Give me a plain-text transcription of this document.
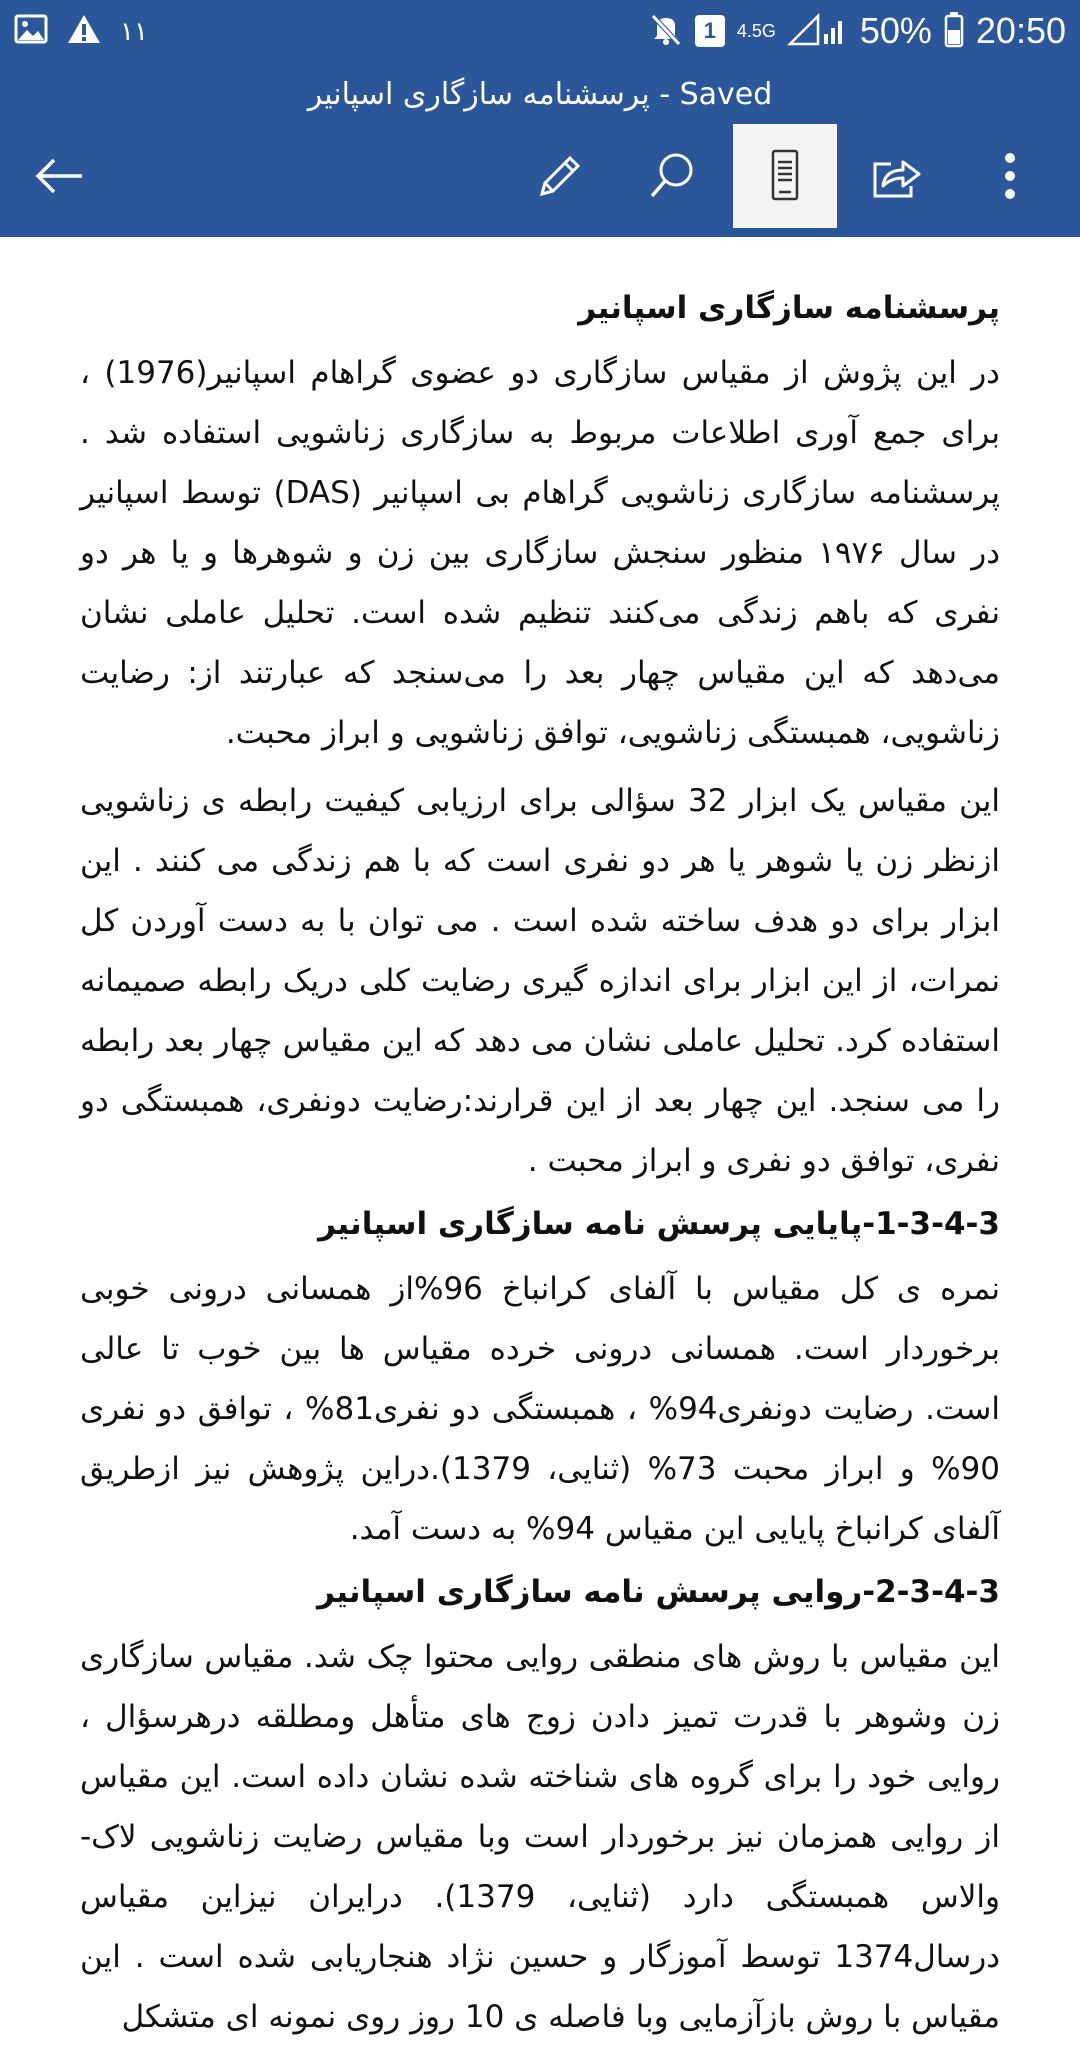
۱۱	1	4.5G 50% 20:50
پرسشنامه سازگاری اسپانیر - Saved

پرسشنامه سازگاری اسپانیر

در این پژوش از مقیاس سازگاری دو عضوی گراهام اسپانیر(1976) ، برای جمع آوری اطلاعات مربوط به سازگاری زناشویی استفاده شد . پرسشنامه سازگاری زناشویی گراهام بی اسپانیر (DAS) توسط اسپانیر در سال ۱۹۷۶ منظور سنجش سازگاری بین زن و شوهرها و یا هر دو نفری که باهم زندگی می‌کنند تنظیم شده است. تحلیل عاملی نشان می‌دهد که این مقیاس چهار بعد را می‌سنجد که عبارتند از: رضایت زناشویی، همبستگی زناشویی، توافق زناشویی و ابراز محبت.

این مقیاس یک ابزار 32 سؤالی برای ارزیابی کیفیت رابطه ی زناشویی ازنظر زن یا شوهر یا هر دو نفری است که با هم زندگی می کنند . این ابزار برای دو هدف ساخته شده است . می توان با به دست آوردن کل نمرات، از این ابزار برای اندازه گیری رضایت کلی دریک رابطه صمیمانه استفاده کرد. تحلیل عاملی نشان می دهد که این مقیاس چهار بعد رابطه را می سنجد. این چهار بعد از این قرارند:رضایت دونفری، همبستگی دو نفری، توافق دو نفری و ابراز محبت .

1-3-4-3-پایایی پرسش نامه سازگاری اسپانیر

نمره ی کل مقیاس با آلفای کرانباخ 96%از همسانی درونی خوبی برخوردار است. همسانی درونی خرده مقیاس ها بین خوب تا عالی است. رضایت دونفری94% ، همبستگی دو نفری81% ، توافق دو نفری 90% و ابراز محبت 73% (ثنایی، 1379).دراین پژوهش نیز ازطریق آلفای کرانباخ پایایی این مقیاس 94% به دست آمد.

2-3-4-3-روایی پرسش نامه سازگاری اسپانیر

این مقیاس با روش های منطقی روایی محتوا چک شد. مقیاس سازگاری زن وشوهر با قدرت تمیز دادن زوج های متأهل ومطلقه درهرسؤال ، روایی خود را برای گروه های شناخته شده نشان داده است. این مقیاس از روایی همزمان نیز برخوردار است وبا مقیاس رضایت زناشویی لاک-والاس همبستگی دارد (ثنایی، 1379). درایران نیزاین مقیاس درسال1374 توسط آموزگار و حسین نژاد هنجاریابی شده است . این مقیاس با روش بازآزمایی وبا فاصله ی 10 روز روی نمونه ای متشکل
